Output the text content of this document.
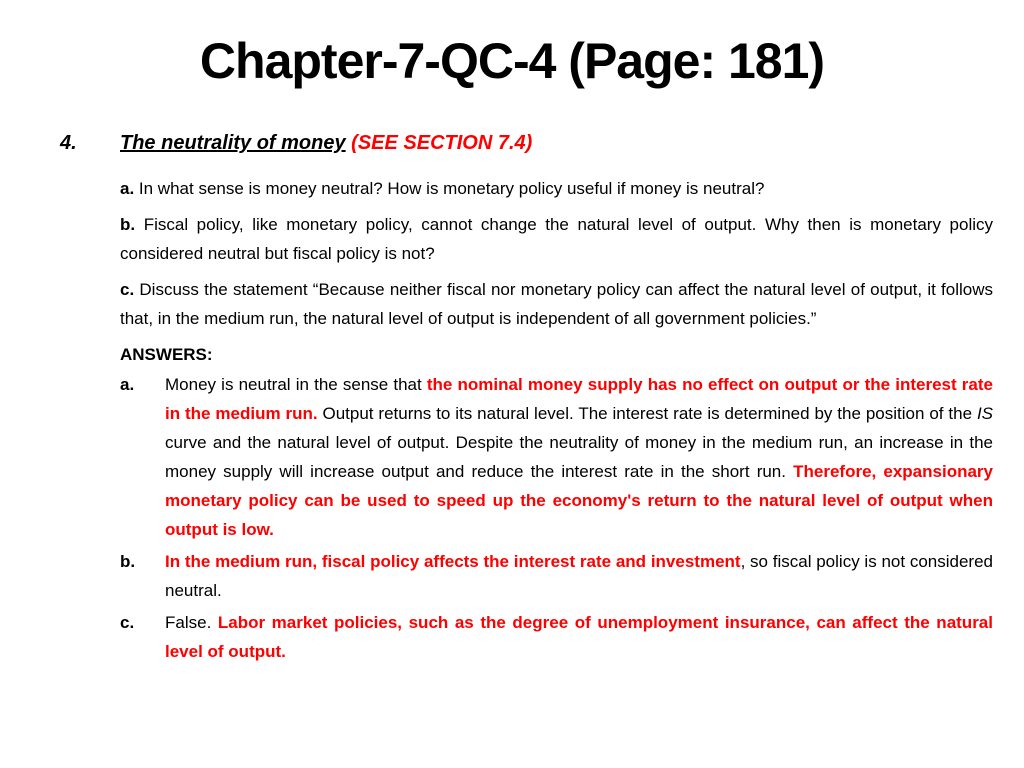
Chapter-7-QC-4 (Page: 181)
4. The neutrality of money (SEE SECTION 7.4)

a. In what sense is money neutral? How is monetary policy useful if money is neutral?

b. Fiscal policy, like monetary policy, cannot change the natural level of output. Why then is monetary policy considered neutral but fiscal policy is not?

c. Discuss the statement “Because neither fiscal nor monetary policy can affect the natural level of output, it follows that, in the medium run, the natural level of output is independent of all government policies.”

ANSWERS:

a. Money is neutral in the sense that the nominal money supply has no effect on output or the interest rate in the medium run. Output returns to its natural level. The interest rate is determined by the position of the IS curve and the natural level of output. Despite the neutrality of money in the medium run, an increase in the money supply will increase output and reduce the interest rate in the short run. Therefore, expansionary monetary policy can be used to speed up the economy's return to the natural level of output when output is low.
b. In the medium run, fiscal policy affects the interest rate and investment, so fiscal policy is not considered neutral.
c. False. Labor market policies, such as the degree of unemployment insurance, can affect the natural level of output.
